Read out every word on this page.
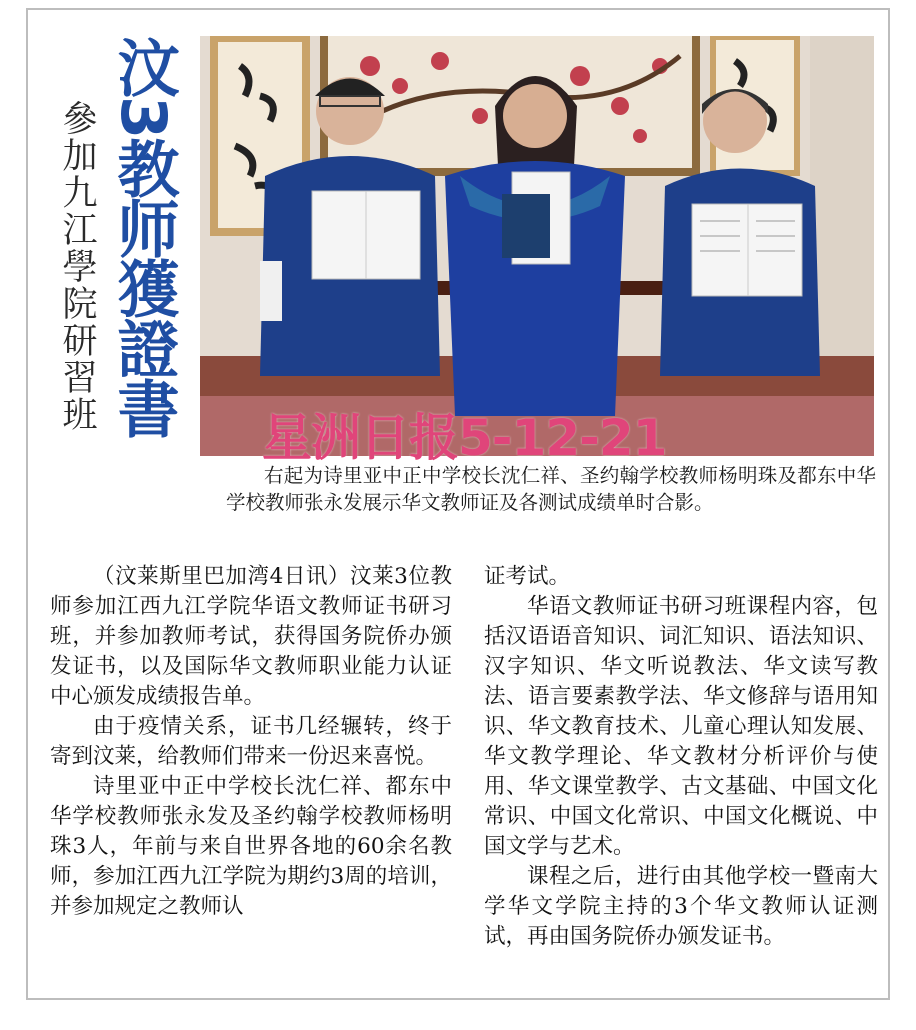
汶3教师獲證書
參加九江學院研習班
星洲日报5-12-21
右起为诗里亚中正中学校长沈仁祥、圣约翰学校教师杨明珠及都东中华学校教师张永发展示华文教师证及各测试成绩单时合影。

（汶莱斯里巴加湾4日讯）汶莱3位教师参加江西九江学院华语文教师证书研习班，并参加教师考试，获得国务院侨办颁发证书，以及国际华文教师职业能力认证中心颁发成绩报告单。

由于疫情关系，证书几经辗转，终于寄到汶莱，给教师们带来一份迟来喜悦。

诗里亚中正中学校长沈仁祥、都东中华学校教师张永发及圣约翰学校教师杨明珠3人，年前与来自世界各地的60余名教师，参加江西九江学院为期约3周的培训，并参加规定之教师认

证考试。

华语文教师证书研习班课程内容，包括汉语语音知识、词汇知识、语法知识、汉字知识、华文听说教法、华文读写教法、语言要素教学法、华文修辞与语用知识、华文教育技术、儿童心理认知发展、华文教学理论、华文教材分析评价与使用、华文课堂教学、古文基础、中国文化常识、中国文化常识、中国文化概说、中国文学与艺术。

课程之后，进行由其他学校一暨南大学华文学院主持的3个华文教师认证测试，再由国务院侨办颁发证书。
